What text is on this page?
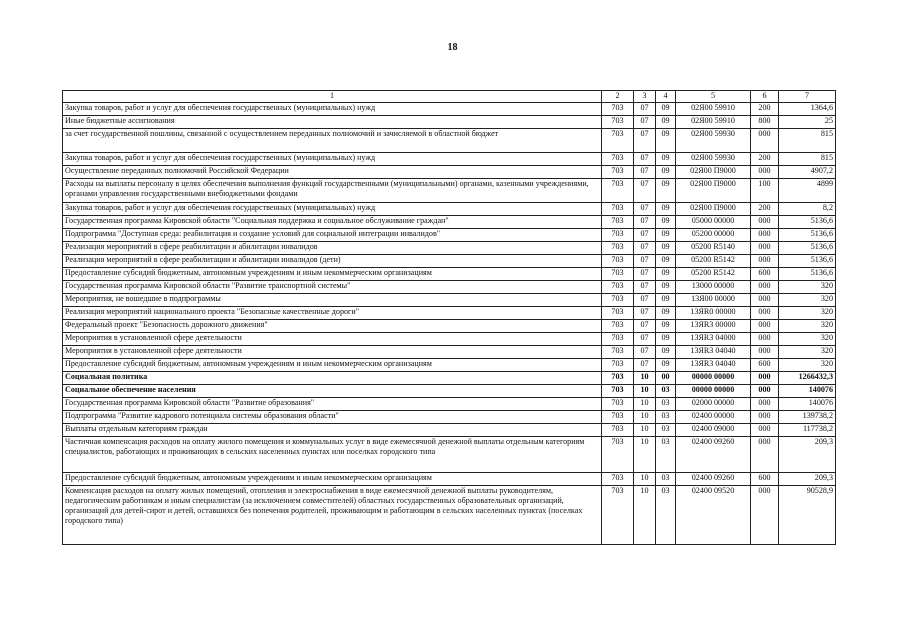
18
1	2	3	4	5	6	7
Закупка товаров, работ и услуг для обеспечения государственных (муниципальных) нужд	703	07	09	02Я00 59910	200	1364,6
Иные бюджетные ассигнования	703	07	09	02Я00 59910	800	25
за счет государственной пошлины, связанной с осуществлением переданных полномочий и зачисляемой в областной бюджет	703	07	09	02Я00 59930	000	815
Закупка товаров, работ и услуг для обеспечения государственных (муниципальных) нужд	703	07	09	02Я00 59930	200	815
Осуществление переданных полномочий Российской Федерации	703	07	09	02Я00 П9000	000	4907,2
Расходы на выплаты персоналу в целях обеспечения выполнения функций государственными (муниципальными) органами, казенными учреждениями, органами управления государственными внебюджетными фондами	703	07	09	02Я00 П9000	100	4899
Закупка товаров, работ и услуг для обеспечения государственных (муниципальных) нужд	703	07	09	02Я00 П9000	200	8,2
Государственная программа Кировской области "Социальная поддержка и социальное обслуживание граждан"	703	07	09	05000 00000	000	5136,6
Подпрограмма "Доступная среда: реабилитация и создание условий для социальной интеграции инвалидов"	703	07	09	05200 00000	000	5136,6
Реализация мероприятий в сфере реабилитации и абилитации инвалидов	703	07	09	05200 R5140	000	5136,6
Реализация мероприятий в сфере реабилитации и абилитации инвалидов (дети)	703	07	09	05200 R5142	000	5136,6
Предоставление субсидий бюджетным, автономным учреждениям и иным некоммерческим организациям	703	07	09	05200 R5142	600	5136,6
Государственная программа Кировской области "Развитие транспортной системы"	703	07	09	13000 00000	000	320
Мероприятия, не вошедшие в подпрограммы	703	07	09	13Я00 00000	000	320
Реализация мероприятий национального проекта "Безопасные качественные дороги"	703	07	09	13ЯR0 00000	000	320
Федеральный проект "Безопасность дорожного движения"	703	07	09	13ЯR3 00000	000	320
Мероприятия в установленной сфере деятельности	703	07	09	13ЯR3 04000	000	320
Мероприятия в установленной сфере деятельности	703	07	09	13ЯR3 04040	000	320
Предоставление субсидий бюджетным, автономным учреждениям и иным некоммерческим организациям	703	07	09	13ЯR3 04040	600	320
Социальная политика	703	10	00	00000 00000	000	1266432,3
Социальное обеспечение населения	703	10	03	00000 00000	000	140076
Государственная программа Кировской области "Развитие образования"	703	10	03	02000 00000	000	140076
Подпрограмма "Развитие кадрового потенциала системы образования области"	703	10	03	02400 00000	000	139738,2
Выплаты отдельным категориям граждан	703	10	03	02400 09000	000	117738,2
Частичная компенсация расходов на оплату жилого помещения и коммунальных услуг в виде ежемесячной денежной выплаты отдельным категориям специалистов, работающих и проживающих в сельских населенных пунктах или поселках городского типа	703	10	03	02400 09260	000	209,3
Предоставление субсидий бюджетным, автономным учреждениям и иным некоммерческим организациям	703	10	03	02400 09260	600	209,3
Компенсация расходов на оплату жилых помещений, отопления и электроснабжения в виде ежемесячной денежной выплаты руководителям, педагогическим работникам и иным специалистам (за исключением совместителей) областных государственных образовательных организаций, организаций для детей-сирот и детей, оставшихся без попечения родителей, проживающим и работающим в сельских населенных пунктах (поселках городского типа)	703	10	03	02400 09520	000	90528,9
